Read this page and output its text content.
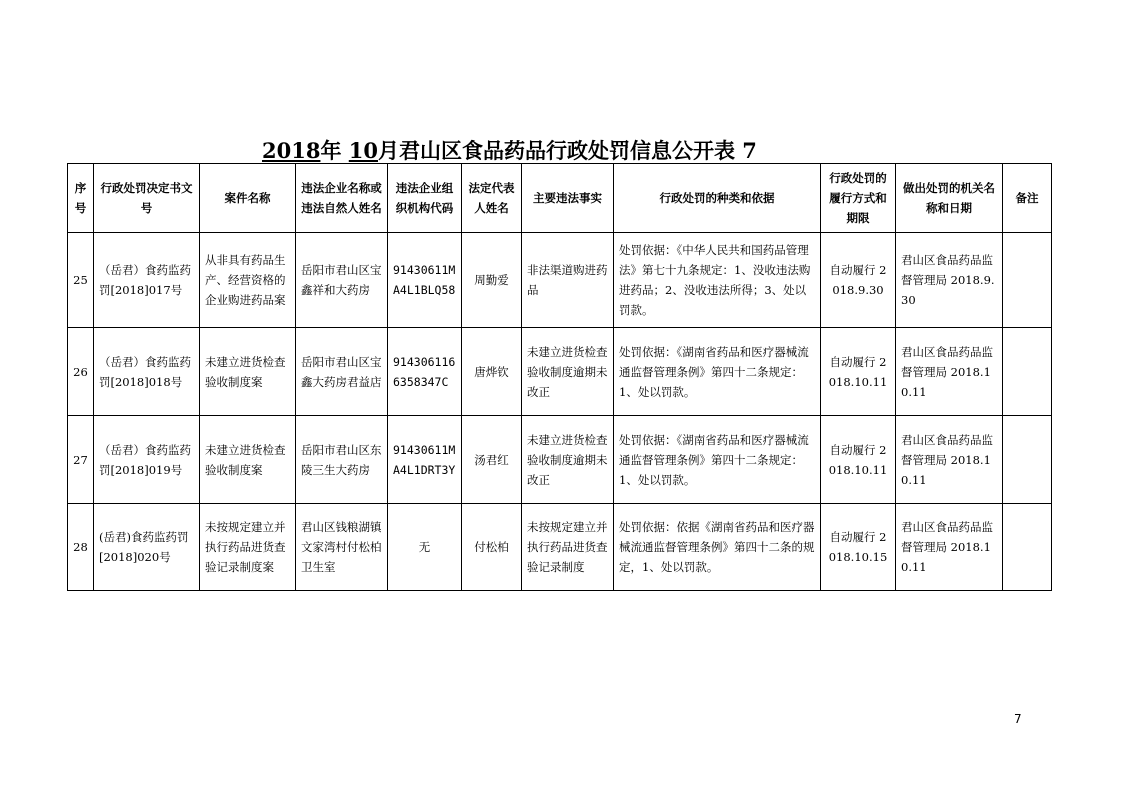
2018年 10月君山区食品药品行政处罚信息公开表 7
序号	行政处罚决定书文号	案件名称	违法企业名称或违法自然人姓名	违法企业组织机构代码	法定代表人姓名	主要违法事实	行政处罚的种类和依据	行政处罚的履行方式和期限	做出处罚的机关名称和日期	备注
25	（岳君）食药监药罚[2018]017号	从非具有药品生产、经营资格的企业购进药品案	岳阳市君山区宝鑫祥和大药房	91430611MA4L1BLQ58	周勤爱	非法渠道购进药品	处罚依据：《中华人民共和国药品管理法》第七十九条规定：1、没收违法购进药品；2、没收违法所得；3、处以罚款。	自动履行 2018.9.30	君山区食品药品监督管理局 2018.9.30	
26	（岳君）食药监药罚[2018]018号	未建立进货检查验收制度案	岳阳市君山区宝鑫大药房君益店	9143061166358347C	唐烨钦	未建立进货检查验收制度逾期未改正	处罚依据：《湖南省药品和医疗器械流通监督管理条例》第四十二条规定：1、处以罚款。	自动履行 2018.10.11	君山区食品药品监督管理局 2018.10.11	
27	（岳君）食药监药罚[2018]019号	未建立进货检查验收制度案	岳阳市君山区东陵三生大药房	91430611MA4L1DRT3Y	汤君红	未建立进货检查验收制度逾期未改正	处罚依据：《湖南省药品和医疗器械流通监督管理条例》第四十二条规定：1、处以罚款。	自动履行 2018.10.11	君山区食品药品监督管理局 2018.10.11	
28	(岳君)食药监药罚[2018]020号	未按规定建立并执行药品进货查验记录制度案	君山区钱粮湖镇文家湾村付松柏卫生室	无	付松柏	未按规定建立并执行药品进货查验记录制度	处罚依据：依据《湖南省药品和医疗器械流通监督管理条例》第四十二条的规定，1、处以罚款。	自动履行 2018.10.15	君山区食品药品监督管理局 2018.10.11	
7
